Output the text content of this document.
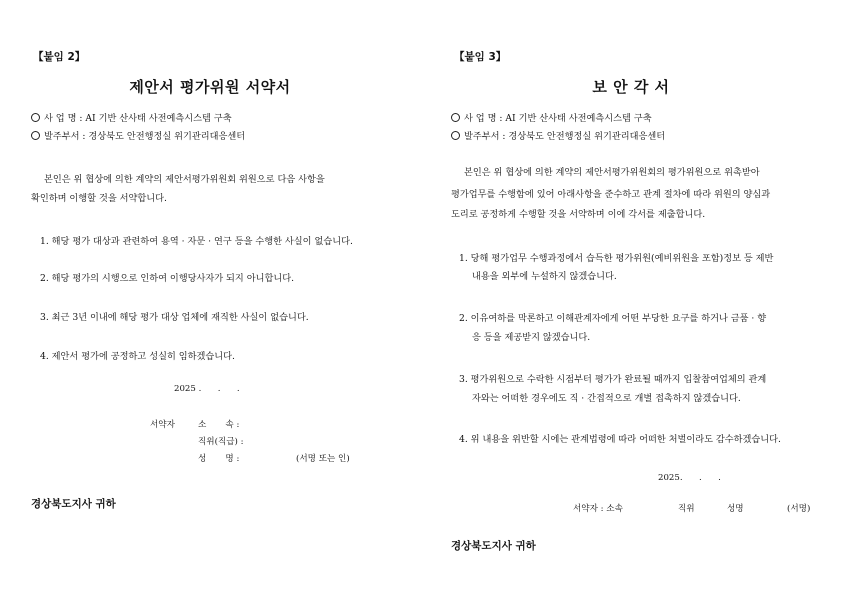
【붙임 2】
제안서 평가위원 서약서
사 업 명 : AI 기반 산사태 사전예측시스템 구축
발주부서 : 경상북도 안전행정실 위기관리대응센터
본인은 위 협상에 의한 계약의 제안서평가위원회 위원으로 다음 사항을
확인하며 이행할 것을 서약합니다.
1. 해당 평가 대상과 관련하여 용역 · 자문 · 연구 등을 수행한 사실이 없습니다.
2. 해당 평가의 시행으로 인하여 이행당사자가 되지 아니합니다.
3. 최근 3년 이내에 해당 평가 대상 업체에 재직한 사실이 없습니다.
4. 제안서 평가에 공정하고 성실히 임하겠습니다.
2025 .      .      .
서약자	소       속 :
직위(직급) :
성       명 :	(서명 또는 인)
경상북도지사 귀하
【붙임 3】
보 안 각 서
사 업 명 : AI 기반 산사태 사전예측시스템 구축
발주부서 : 경상북도 안전행정실 위기관리대응센터
본인은 위 협상에 의한 계약의 제안서평가위원회의 평가위원으로 위촉받아
평가업무를 수행함에 있어 아래사항을 준수하고 관계 절차에 따라 위원의 양심과
도리로 공정하게 수행할 것을 서약하며 이에 각서를 제출합니다.
1. 당해 평가업무 수행과정에서 습득한 평가위원(예비위원을 포함)정보 등 제반
내용을 외부에 누설하지 않겠습니다.
2. 이유여하를 막론하고 이해관계자에게 어떤 부당한 요구를 하거나 금품 · 향
응 등을 제공받지 않겠습니다.
3. 평가위원으로 수락한 시점부터 평가가 완료될 때까지 입찰참여업체의 관계
자와는 어떠한 경우에도 직 · 간접적으로 개별 접촉하지 않겠습니다.
4. 위 내용을 위반할 시에는 관계법령에 따라 어떠한 처벌이라도 감수하겠습니다.
2025.      .      .
서약자 : 소속	직위	성명	(서명)
경상북도지사 귀하
